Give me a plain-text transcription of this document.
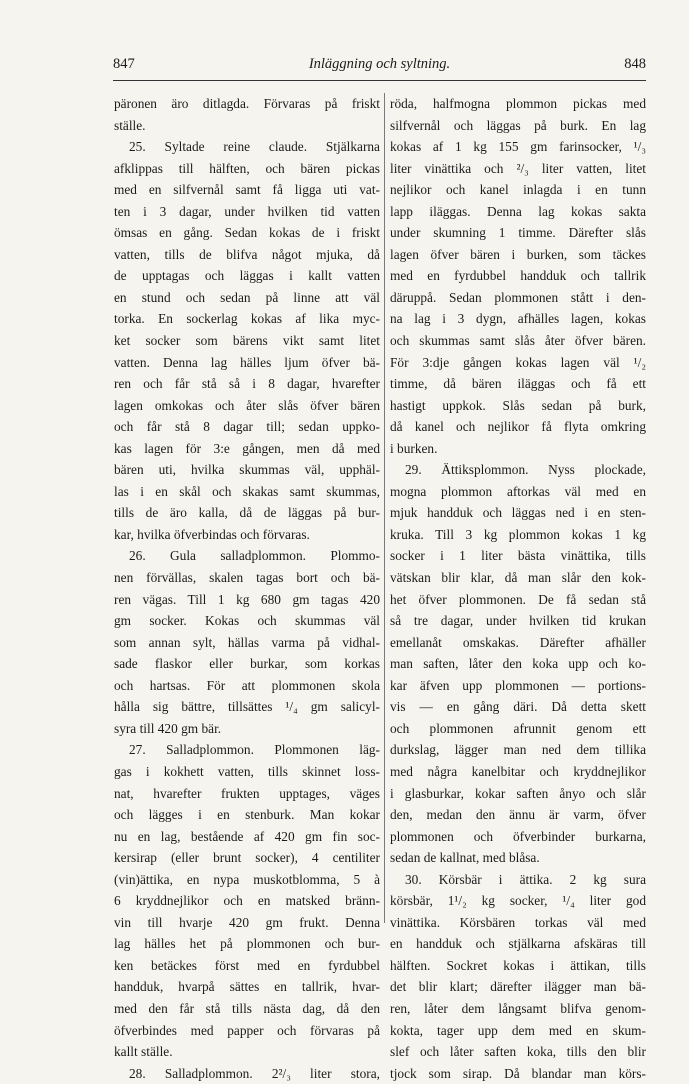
847	Inläggning och syltning.	848
päronen äro ditlagda. Förvaras på friskt
ställe.
25. Syltade reine claude. Stjälkarna
afklippas till hälften, och bären pickas
med en silfvernål samt få ligga uti vat-
ten i 3 dagar, under hvilken tid vatten
ömsas en gång. Sedan kokas de i friskt
vatten, tills de blifva något mjuka, då
de upptagas och läggas i kallt vatten
en stund och sedan på linne att väl
torka. En sockerlag kokas af lika myc-
ket socker som bärens vikt samt litet
vatten. Denna lag hälles ljum öfver bä-
ren och får stå så i 8 dagar, hvarefter
lagen omkokas och åter slås öfver bären
och får stå 8 dagar till; sedan uppko-
kas lagen för 3:e gången, men då med
bären uti, hvilka skummas väl, upphäl-
las i en skål och skakas samt skummas,
tills de äro kalla, då de läggas på bur-
kar, hvilka öfverbindas och förvaras.
26. Gula salladplommon. Plommo-
nen förvällas, skalen tagas bort och bä-
ren vägas. Till 1 kg 680 gm tagas 420
gm socker. Kokas och skummas väl
som annan sylt, hällas varma på vidhal-
sade flaskor eller burkar, som korkas
och hartsas. För att plommonen skola
hålla sig bättre, tillsättes ¹/₄ gm salicyl-
syra till 420 gm bär.
27. Salladplommon. Plommonen läg-
gas i kokhett vatten, tills skinnet loss-
nat, hvarefter frukten upptages, väges
och lägges i en stenburk. Man kokar
nu en lag, bestående af 420 gm fin soc-
kersirap (eller brunt socker), 4 centiliter
(vin)ättika, en nypa muskotblomma, 5 à
6 kryddnejlikor och en matsked bränn-
vin till hvarje 420 gm frukt. Denna
lag hälles het på plommonen och bur-
ken betäckes först med en fyrdubbel
handduk, hvarpå sättes en tallrik, hvar-
med den får stå tills nästa dag, då den
öfverbindes med papper och förvaras på
kallt ställe.
28. Salladplommon. 2²/₃ liter stora,
röda, halfmogna plommon pickas med
silfvernål och läggas på burk. En lag
kokas af 1 kg 155 gm farinsocker, ¹/₃
liter vinättika och ²/₃ liter vatten, litet
nejlikor och kanel inlagda i en tunn
lapp iläggas. Denna lag kokas sakta
under skumning 1 timme. Därefter slås
lagen öfver bären i burken, som täckes
med en fyrdubbel handduk och tallrik
däruppå. Sedan plommonen stått i den-
na lag i 3 dygn, afhälles lagen, kokas
och skummas samt slås åter öfver bären.
För 3:dje gången kokas lagen väl ¹/₂
timme, då bären iläggas och få ett
hastigt uppkok. Slås sedan på burk,
då kanel och nejlikor få flyta omkring
i burken.
29. Ättiksplommon. Nyss plockade,
mogna plommon aftorkas väl med en
mjuk handduk och läggas ned i en sten-
kruka. Till 3 kg plommon kokas 1 kg
socker i 1 liter bästa vinättika, tills
vätskan blir klar, då man slår den kok-
het öfver plommonen. De få sedan stå
så tre dagar, under hvilken tid krukan
emellanåt omskakas. Därefter afhäller
man saften, låter den koka upp och ko-
kar äfven upp plommonen — portions-
vis — en gång däri. Då detta skett
och plommonen afrunnit genom ett
durkslag, lägger man ned dem tillika
med några kanelbitar och kryddnejlikor
i glasburkar, kokar saften ånyo och slår
den, medan den ännu är varm, öfver
plommonen och öfverbinder burkarna,
sedan de kallnat, med blåsa.
30. Körsbär i ättika. 2 kg sura
körsbär, 1¹/₂ kg socker, ¹/₄ liter god
vinättika. Körsbären torkas väl med
en handduk och stjälkarna afskäras till
hälften. Sockret kokas i ättikan, tills
det blir klart; därefter ilägger man bä-
ren, låter dem långsamt blifva genom-
kokta, tager upp dem med en skum-
slef och låter saften koka, tills den blir
tjock som sirap. Då blandar man körs-
